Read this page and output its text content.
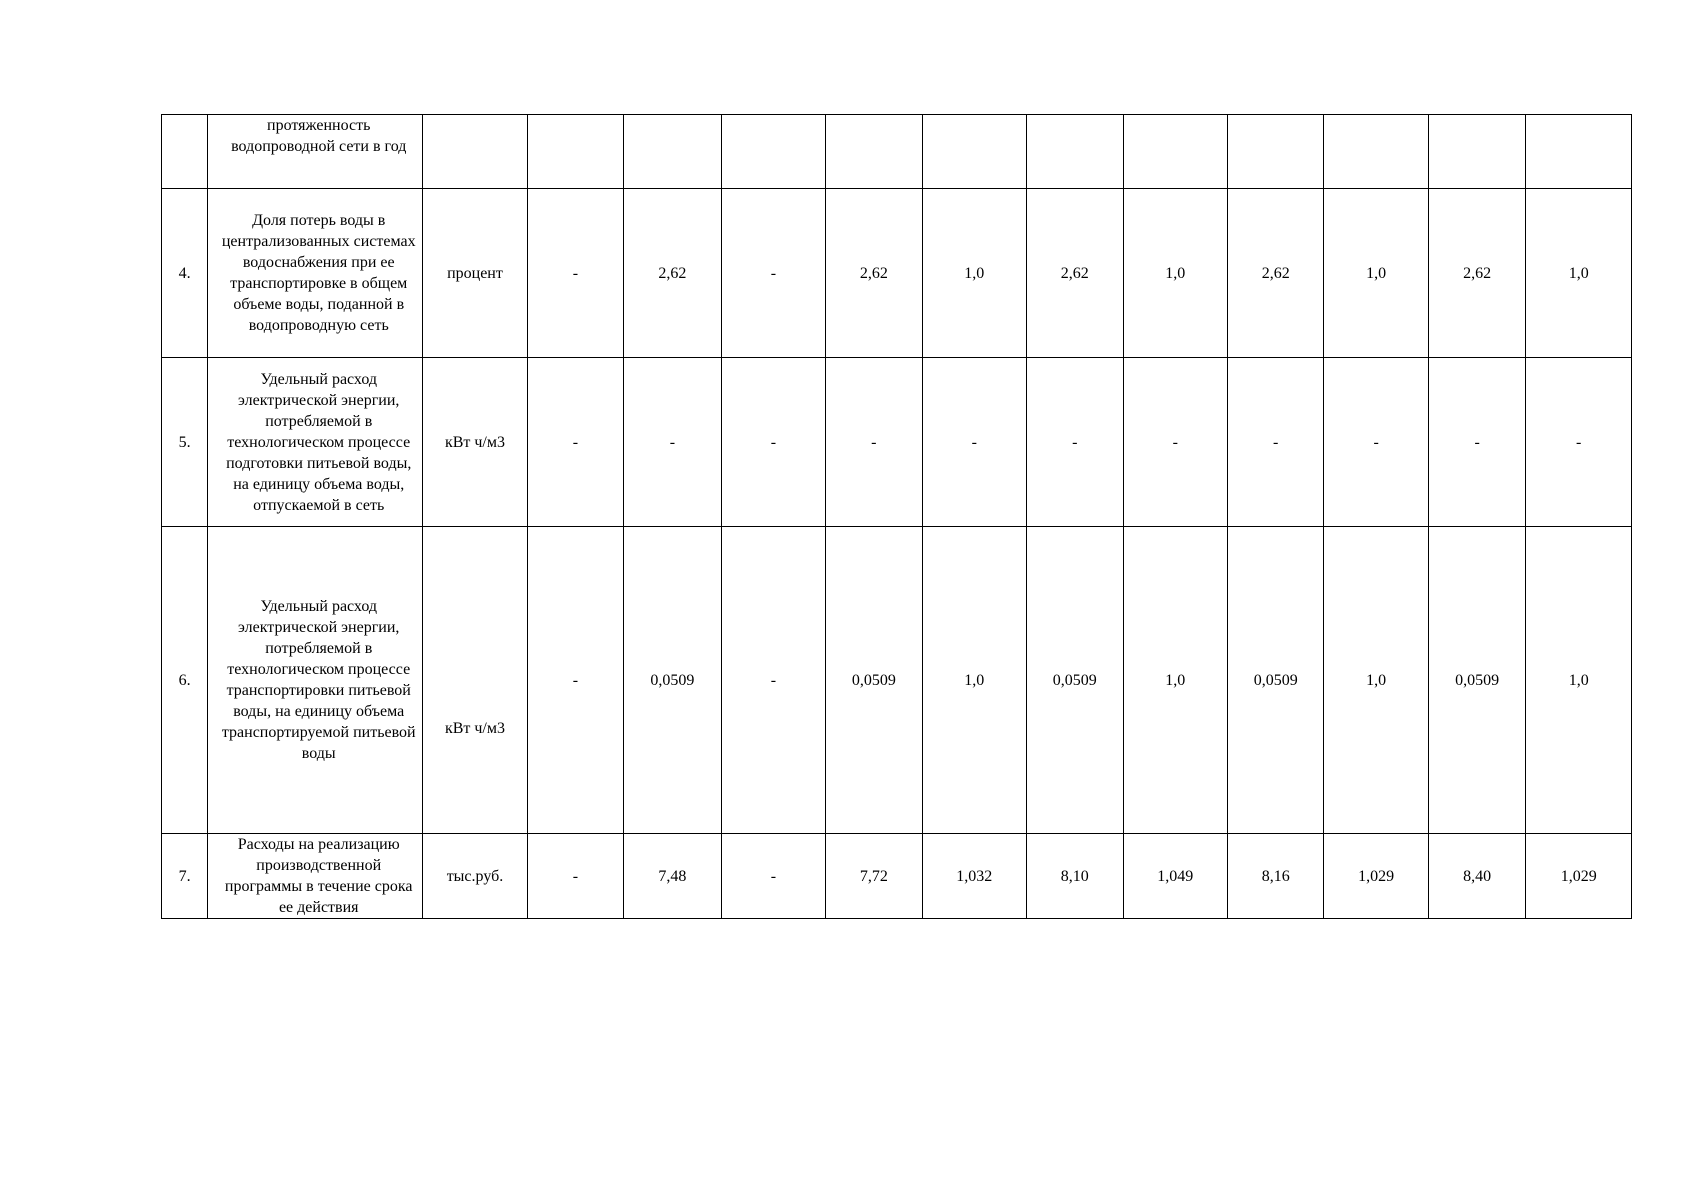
	протяженность водопроводной сети в год												
4.	Доля потерь воды в централизованных системах водоснабжения при ее транспортировке в общем объеме воды, поданной в водопроводную сеть	процент	-	2,62	-	2,62	1,0	2,62	1,0	2,62	1,0	2,62	1,0
5.	Удельный расход электрической энергии, потребляемой в технологическом процессе подготовки питьевой воды, на единицу объема воды, отпускаемой в сеть	кВт ч/м3	-	-	-	-	-	-	-	-	-	-	-
6.	Удельный расход электрической энергии, потребляемой в технологическом процессе транспортировки питьевой воды, на единицу объема транспортируемой питьевой воды	кВт ч/м3	-	0,0509	-	0,0509	1,0	0,0509	1,0	0,0509	1,0	0,0509	1,0
7.	Расходы на реализацию производственной программы в течение срока ее действия	тыс.руб.	-	7,48	-	7,72	1,032	8,10	1,049	8,16	1,029	8,40	1,029
